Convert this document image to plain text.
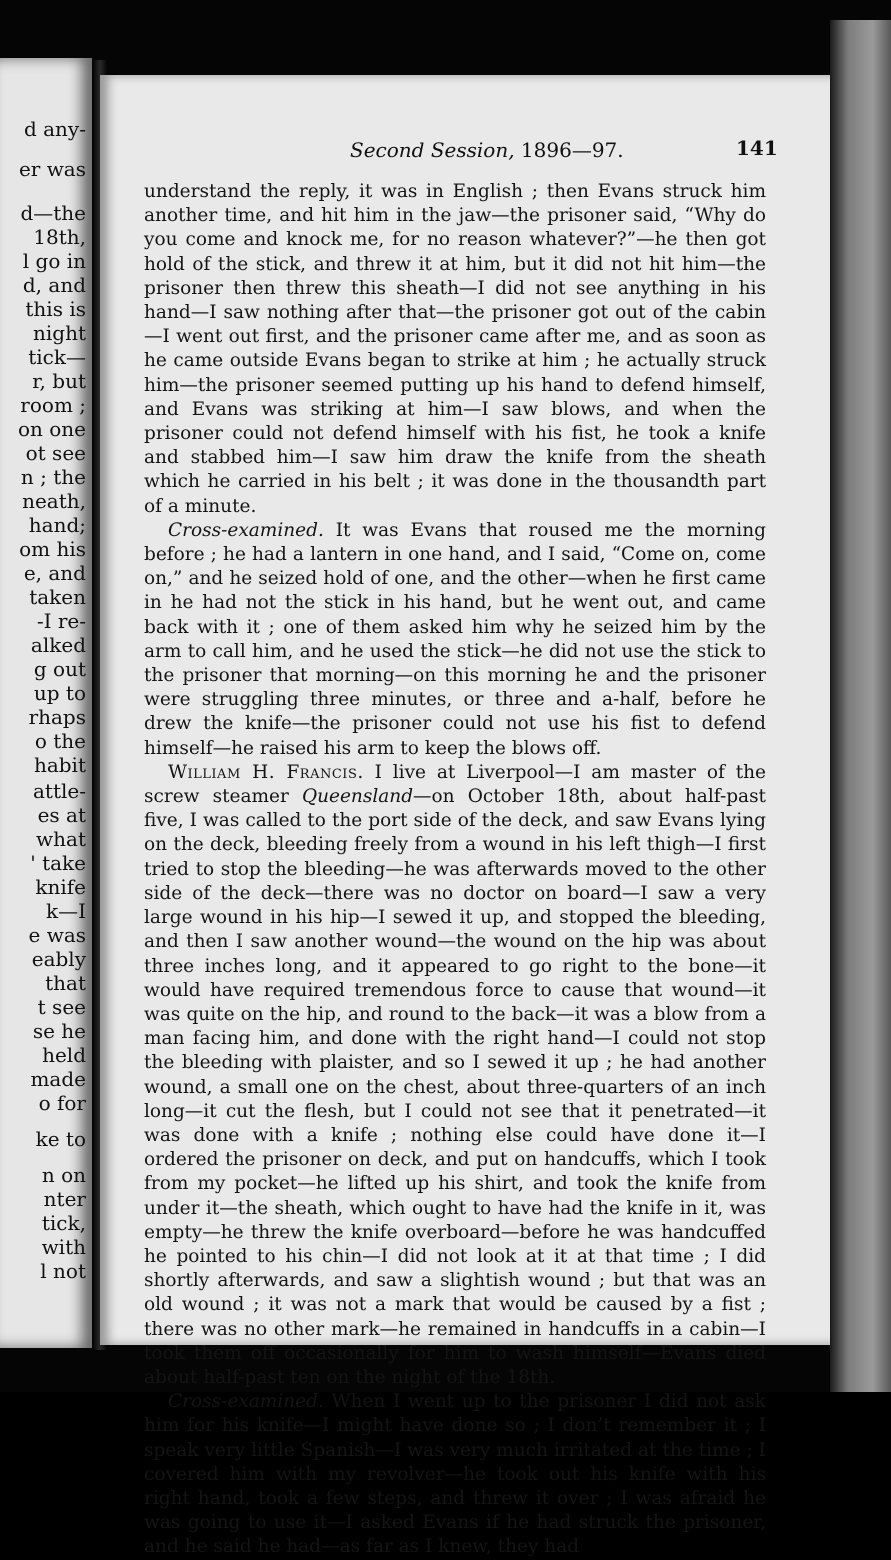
d any-
er was
d—the
18th,
l go in
d, and
this is
night
tick—
r, but
room ;
on one
ot see
n ; the
neath,
hand;
om his
e, and
taken
-I re-
alked
g out
up to
rhaps
o the
habit
attle-
es at
what
' take
knife
k—I
e was
eably
that
t see
se he
held
made
o for
ke to
n on
nter
tick,
with
l not
Second Session, 1896—97.	141

understand the reply, it was in English ; then Evans struck him another time, and hit him in the jaw—the prisoner said, “Why do you come and knock me, for no reason whatever?”—he then got hold of the stick, and threw it at him, but it did not hit him—the prisoner then threw this sheath—I did not see anything in his hand—I saw nothing after that—the prisoner got out of the cabin—I went out first, and the prisoner came after me, and as soon as he came outside Evans began to strike at him ; he actually struck him—the prisoner seemed putting up his hand to defend himself, and Evans was striking at him—I saw blows, and when the prisoner could not defend himself with his fist, he took a knife and stabbed him—I saw him draw the knife from the sheath which he carried in his belt ; it was done in the thousandth part of a minute.

Cross-examined. It was Evans that roused me the morning before ; he had a lantern in one hand, and I said, “Come on, come on,” and he seized hold of one, and the other—when he first came in he had not the stick in his hand, but he went out, and came back with it ; one of them asked him why he seized him by the arm to call him, and he used the stick—he did not use the stick to the prisoner that morning—on this morning he and the prisoner were struggling three minutes, or three and a-half, before he drew the knife—the prisoner could not use his fist to defend himself—he raised his arm to keep the blows off.

William H. Francis. I live at Liverpool—I am master of the screw steamer Queensland—on October 18th, about half-past five, I was called to the port side of the deck, and saw Evans lying on the deck, bleeding freely from a wound in his left thigh—I first tried to stop the bleeding—he was afterwards moved to the other side of the deck—there was no doctor on board—I saw a very large wound in his hip—I sewed it up, and stopped the bleeding, and then I saw another wound—the wound on the hip was about three inches long, and it appeared to go right to the bone—it would have required tremendous force to cause that wound—it was quite on the hip, and round to the back—it was a blow from a man facing him, and done with the right hand—I could not stop the bleeding with plaister, and so I sewed it up ; he had another wound, a small one on the chest, about three-quarters of an inch long—it cut the flesh, but I could not see that it penetrated—it was done with a knife ; nothing else could have done it—I ordered the prisoner on deck, and put on handcuffs, which I took from my pocket—he lifted up his shirt, and took the knife from under it—the sheath, which ought to have had the knife in it, was empty—he threw the knife overboard—before he was handcuffed he pointed to his chin—I did not look at it at that time ; I did shortly afterwards, and saw a slightish wound ; but that was an old wound ; it was not a mark that would be caused by a fist ; there was no other mark—he remained in handcuffs in a cabin—I took them off occasionally for him to wash himself—Evans died about half-past ten on the night of the 18th.

Cross-examined. When I went up to the prisoner I did not ask him for his knife—I might have done so ; I don’t remember it ; I speak very little Spanish—I was very much irritated at the time ; I covered him with my revolver—he took out his knife with his right hand, took a few steps, and threw it over ; I was afraid he was going to use it—I asked Evans if he had struck the prisoner, and he said he had—as far as I knew, they had
